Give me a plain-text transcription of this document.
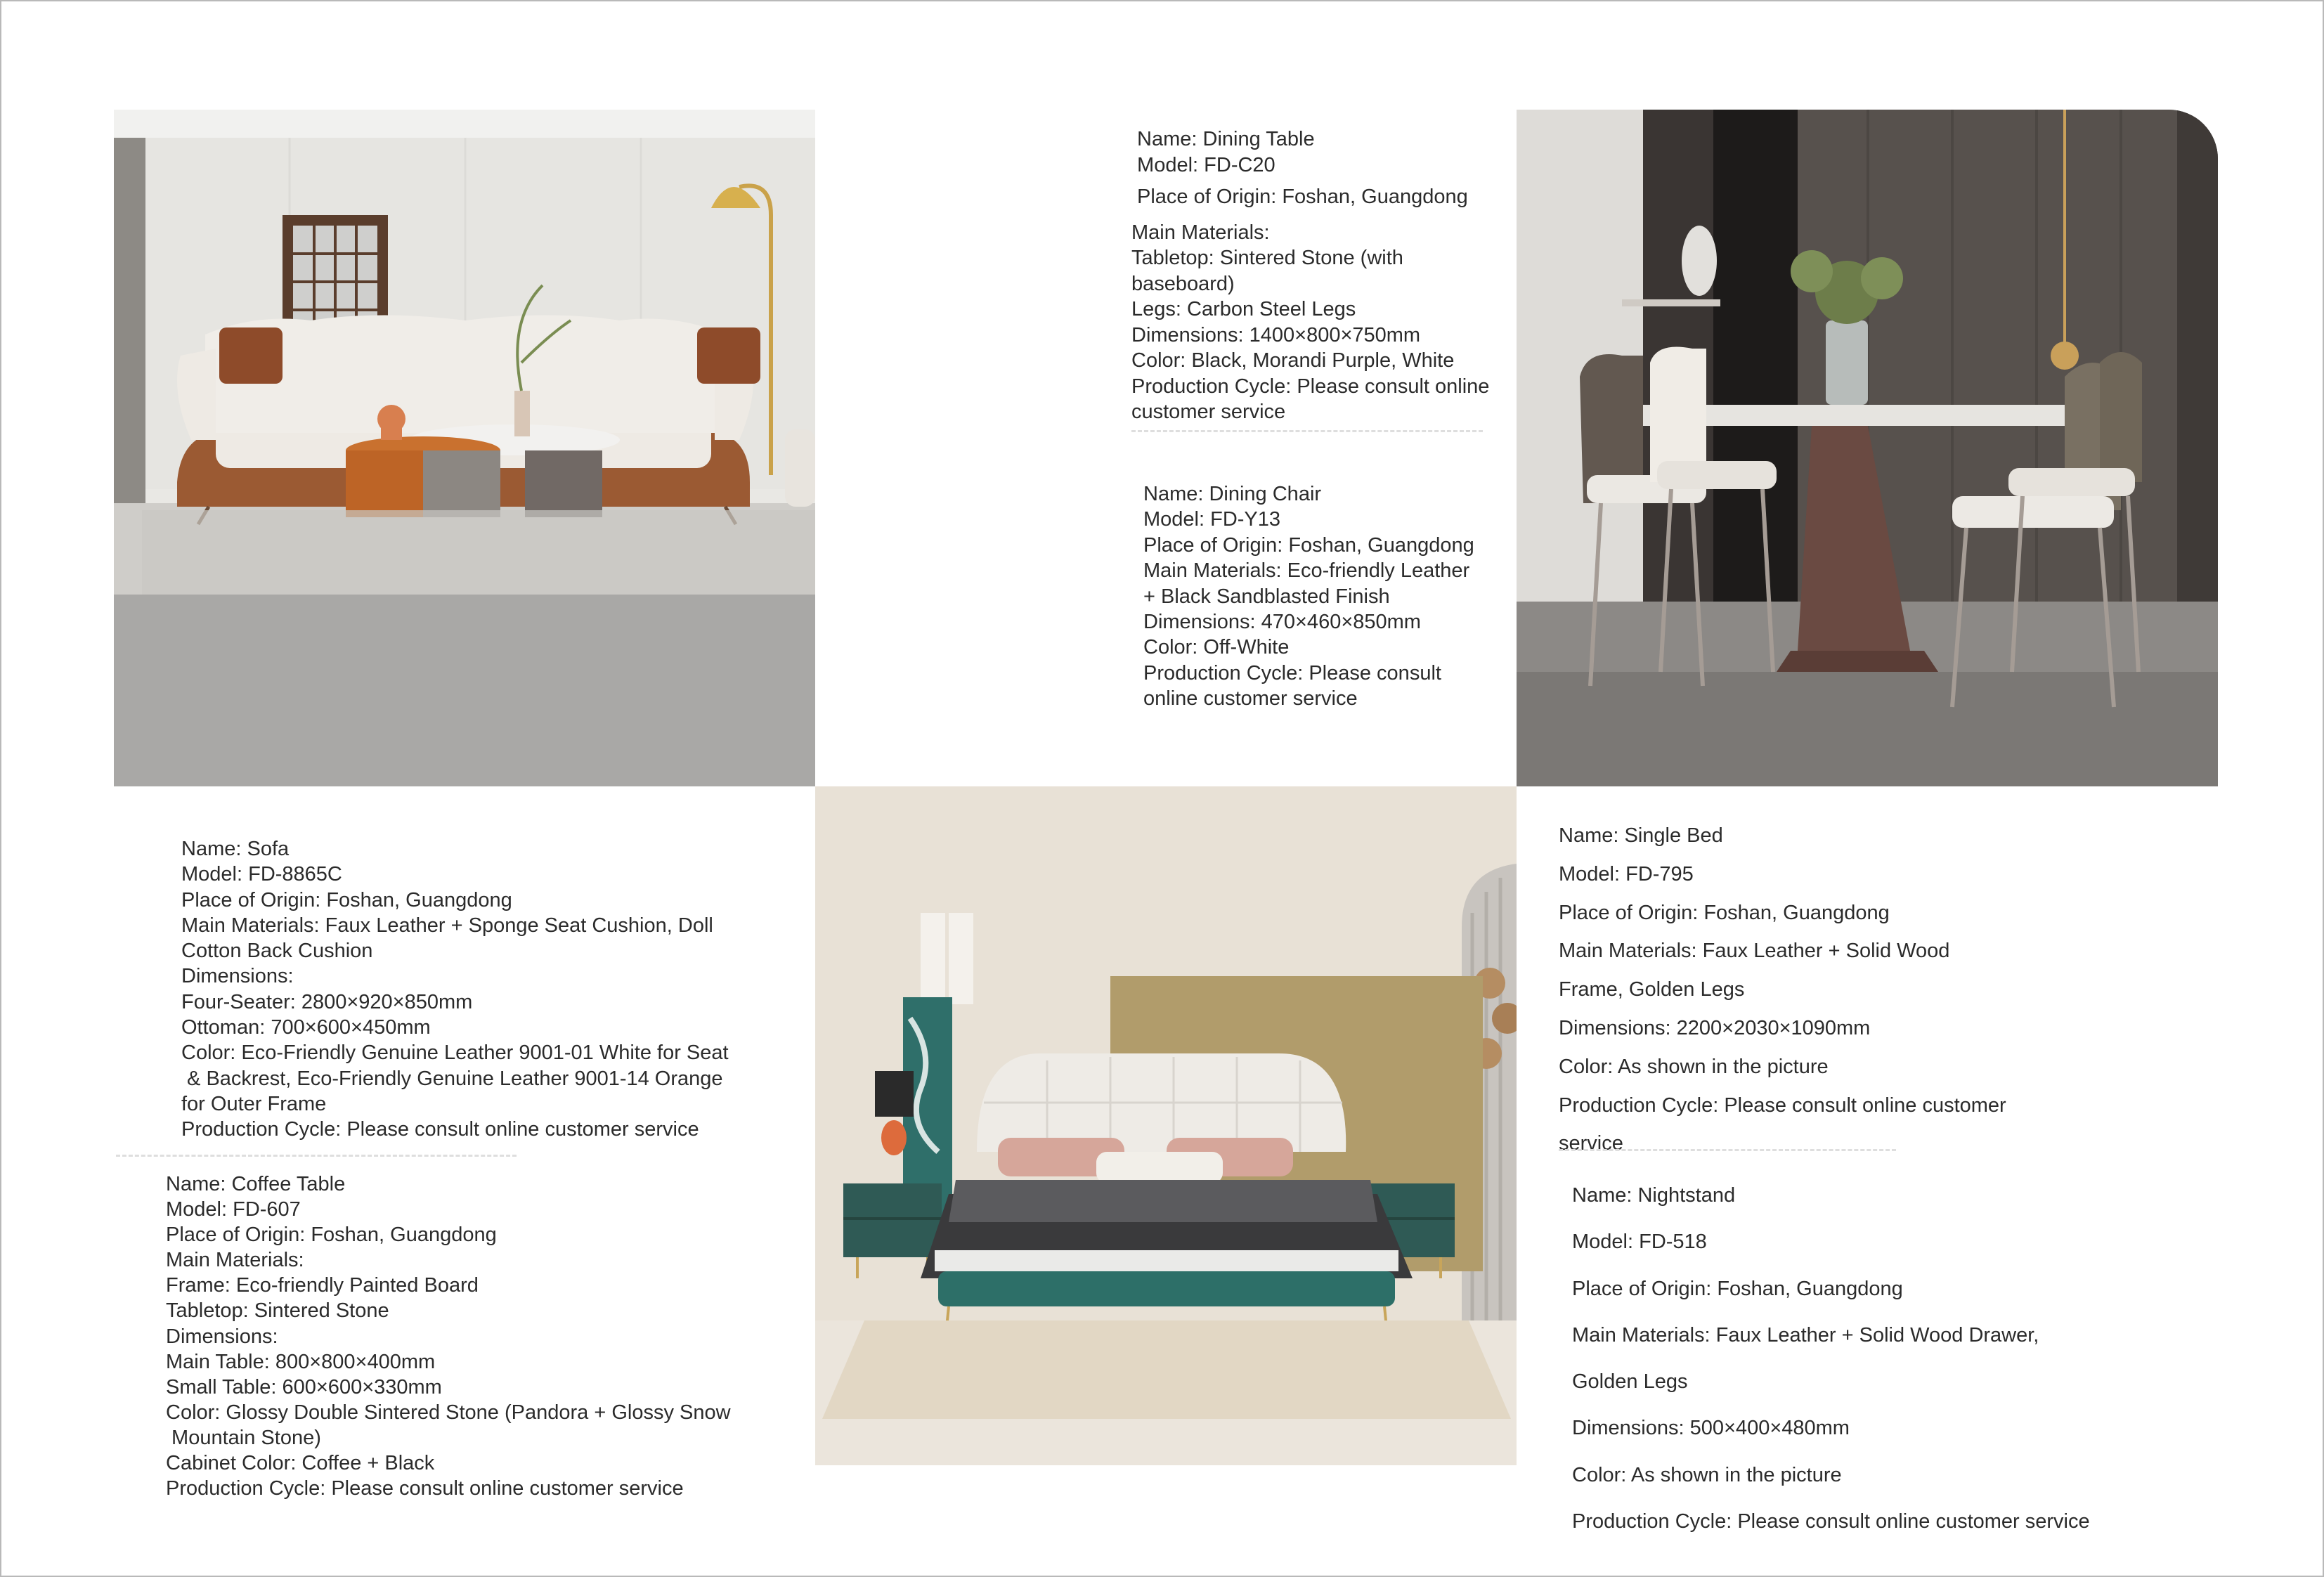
Name: Dining Table
Model: FD-C20
Place of Origin: Foshan, Guangdong
Main Materials:
Tabletop: Sintered Stone (with
baseboard)
Legs: Carbon Steel Legs
Dimensions: 1400×800×750mm
Color: Black, Morandi Purple, White
Production Cycle: Please consult online
customer service
Name: Dining Chair
Model: FD-Y13
Place of Origin: Foshan, Guangdong
Main Materials: Eco-friendly Leather
+ Black Sandblasted Finish
Dimensions: 470×460×850mm
Color: Off-White
Production Cycle: Please consult
online customer service
Name: Sofa
Model: FD-8865C
Place of Origin: Foshan, Guangdong
Main Materials: Faux Leather + Sponge Seat Cushion, Doll
Cotton Back Cushion
Dimensions:
Four-Seater: 2800×920×850mm
Ottoman: 700×600×450mm
Color: Eco-Friendly Genuine Leather 9001-01 White for Seat
& Backrest, Eco-Friendly Genuine Leather 9001-14 Orange
for Outer Frame
Production Cycle: Please consult online customer service
Name: Coffee Table
Model: FD-607
Place of Origin: Foshan, Guangdong
Main Materials:
Frame: Eco-friendly Painted Board
Tabletop: Sintered Stone
Dimensions:
Main Table: 800×800×400mm
Small Table: 600×600×330mm
Color: Glossy Double Sintered Stone (Pandora + Glossy Snow
Mountain Stone)
Cabinet Color: Coffee + Black
Production Cycle: Please consult online customer service
Name: Single Bed
Model: FD-795
Place of Origin: Foshan, Guangdong
Main Materials: Faux Leather + Solid Wood
Frame, Golden Legs
Dimensions: 2200×2030×1090mm
Color: As shown in the picture
Production Cycle: Please consult online customer
service
Name: Nightstand
Model: FD-518
Place of Origin: Foshan, Guangdong
Main Materials: Faux Leather + Solid Wood Drawer,
Golden Legs
Dimensions: 500×400×480mm
Color: As shown in the picture
Production Cycle: Please consult online customer service
